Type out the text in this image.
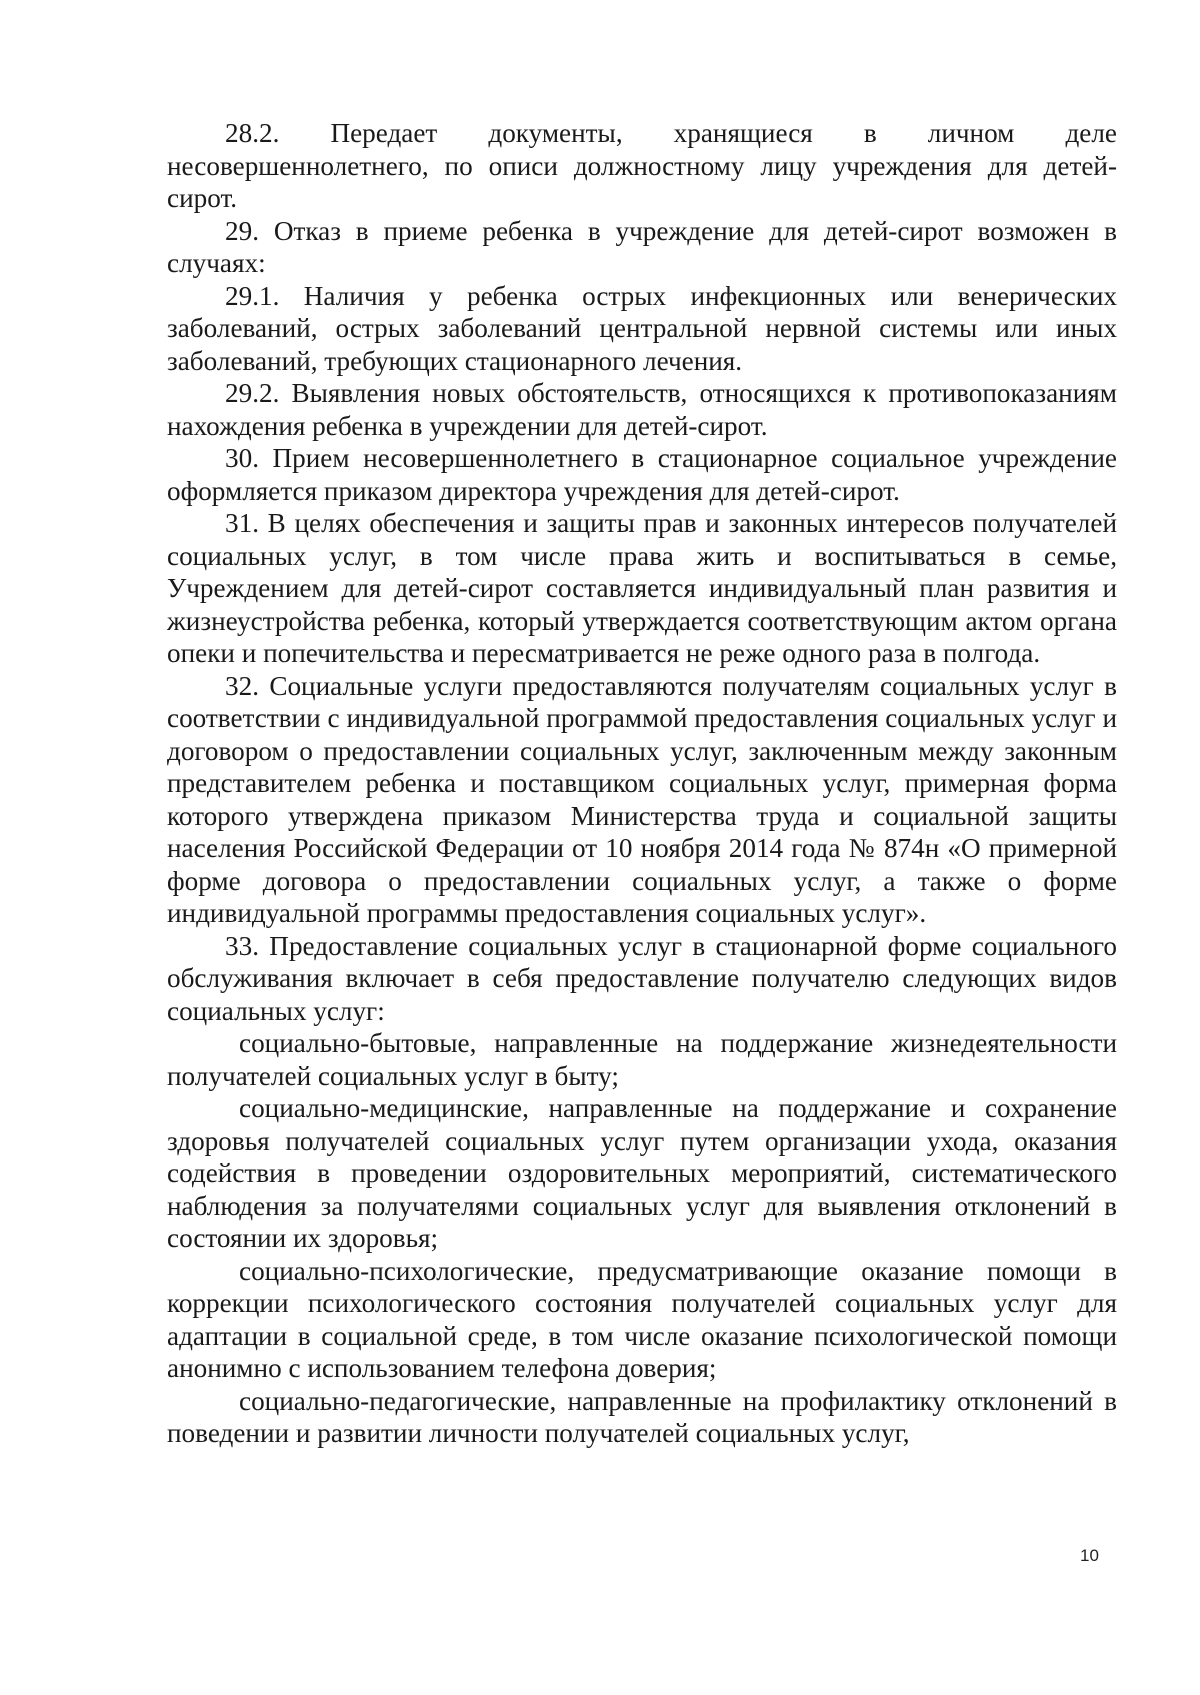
28.2. Передает документы, хранящиеся в личном деле несовершеннолетнего, по описи должностному лицу учреждения для детей-сирот.

29. Отказ в приеме ребенка в учреждение для детей-сирот возможен в случаях:

29.1. Наличия у ребенка острых инфекционных или венерических заболеваний, острых заболеваний центральной нервной системы или иных заболеваний, требующих стационарного лечения.

29.2. Выявления новых обстоятельств, относящихся к противопоказаниям нахождения ребенка в учреждении для детей-сирот.

30. Прием несовершеннолетнего в стационарное социальное учреждение оформляется приказом директора учреждения для детей-сирот.

31. В целях обеспечения и защиты прав и законных интересов получателей социальных услуг, в том числе права жить и воспитываться в семье, Учреждением для детей-сирот составляется индивидуальный план развития и жизнеустройства ребенка, который утверждается соответствующим актом органа опеки и попечительства и пересматривается не реже одного раза в полгода.

32. Социальные услуги предоставляются получателям социальных услуг в соответствии с индивидуальной программой предоставления социальных услуг и договором о предоставлении социальных услуг, заключенным между законным представителем ребенка и поставщиком социальных услуг, примерная форма которого утверждена приказом Министерства труда и социальной защиты населения Российской Федерации от 10 ноября 2014 года № 874н «О примерной форме договора о предоставлении социальных услуг, а также о форме индивидуальной программы предоставления социальных услуг».

33. Предоставление социальных услуг в стационарной форме социального обслуживания включает в себя предоставление получателю следующих видов социальных услуг:

социально-бытовые, направленные на поддержание жизнедеятельности получателей социальных услуг в быту;

социально-медицинские, направленные на поддержание и сохранение здоровья получателей социальных услуг путем организации ухода, оказания содействия в проведении оздоровительных мероприятий, систематического наблюдения за получателями социальных услуг для выявления отклонений в состоянии их здоровья;

социально-психологические, предусматривающие оказание помощи в коррекции психологического состояния получателей социальных услуг для адаптации в социальной среде, в том числе оказание психологической помощи анонимно с использованием телефона доверия;

социально-педагогические, направленные на профилактику отклонений в поведении и развитии личности получателей социальных услуг,

10
